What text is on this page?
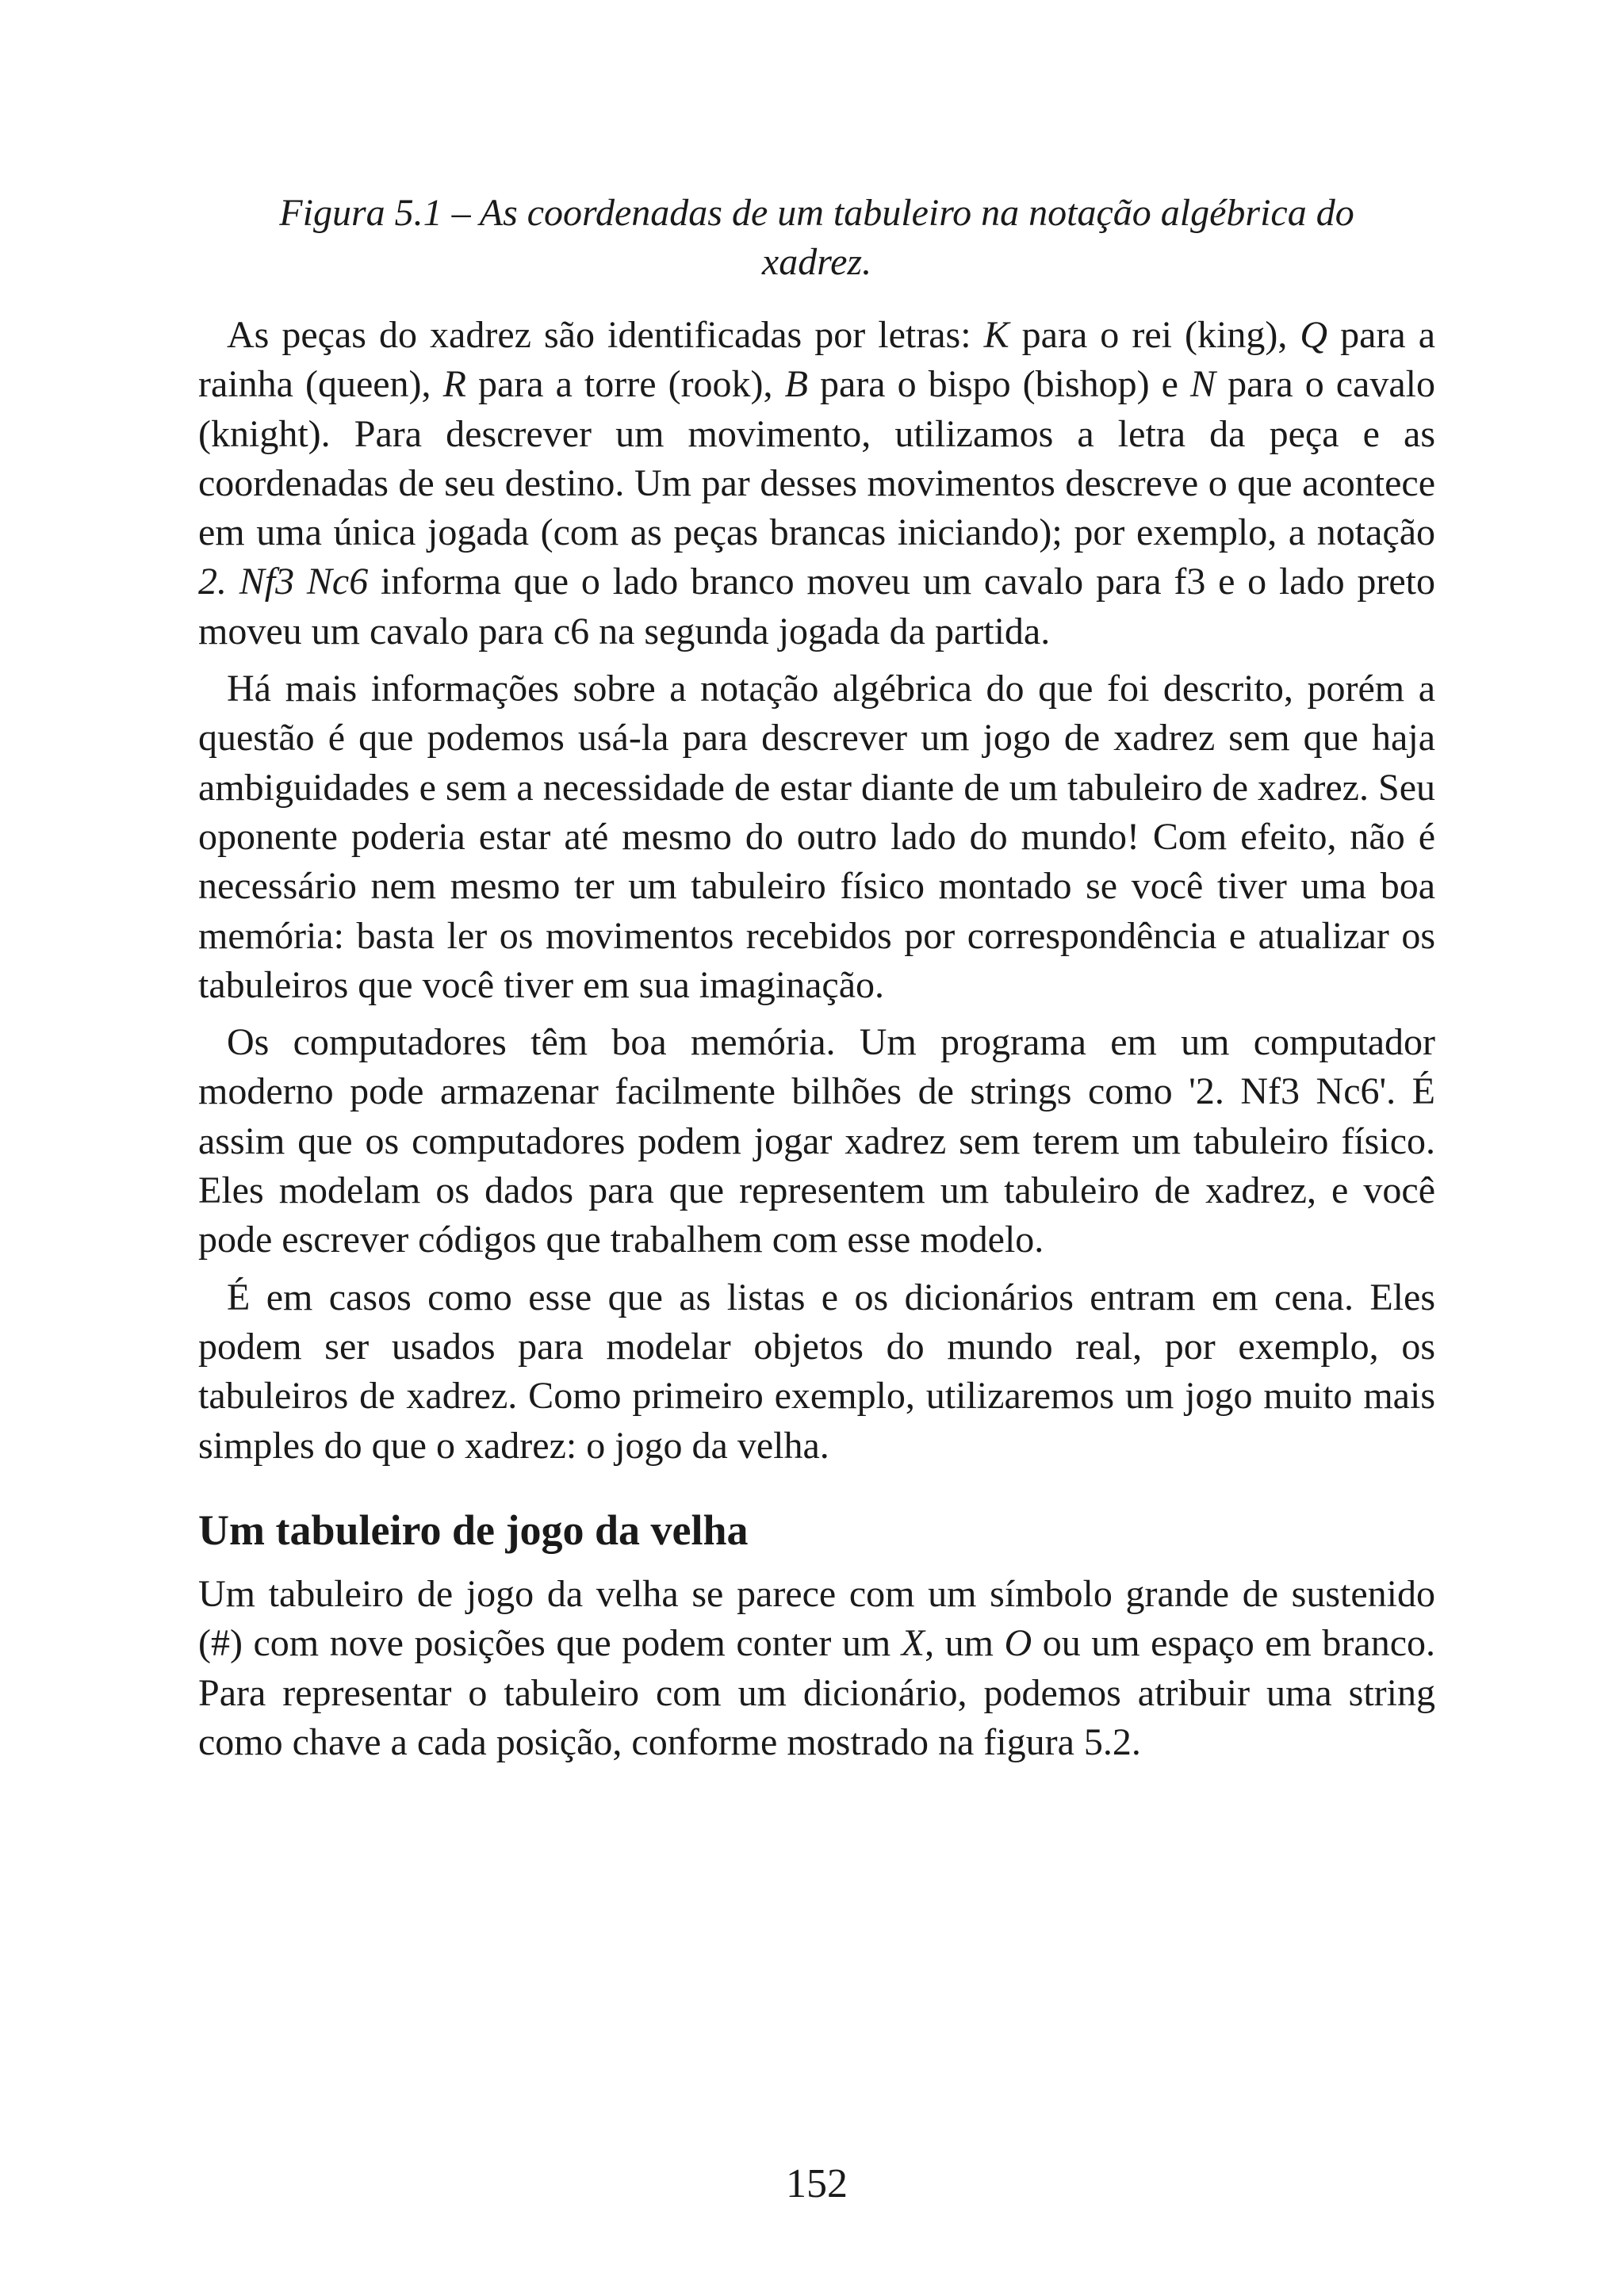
Figura 5.1 – As coordenadas de um tabuleiro na notação algébrica do
xadrez.

As peças do xadrez são identificadas por letras: K para o rei (king), Q para a rainha (queen), R para a torre (rook), B para o bispo (bishop) e N para o cavalo (knight). Para descrever um movimento, utilizamos a letra da peça e as coordenadas de seu destino. Um par desses movimentos descreve o que acontece em uma única jogada (com as peças brancas iniciando); por exemplo, a notação 2. Nf3 Nc6 informa que o lado branco moveu um cavalo para f3 e o lado preto moveu um cavalo para c6 na segunda jogada da partida.

Há mais informações sobre a notação algébrica do que foi descrito, porém a questão é que podemos usá-la para descrever um jogo de xadrez sem que haja ambiguidades e sem a necessidade de estar diante de um tabuleiro de xadrez. Seu oponente poderia estar até mesmo do outro lado do mundo! Com efeito, não é necessário nem mesmo ter um tabuleiro físico montado se você tiver uma boa memória: basta ler os movimentos recebidos por correspondência e atualizar os tabuleiros que você tiver em sua imaginação.

Os computadores têm boa memória. Um programa em um computador moderno pode armazenar facilmente bilhões de strings como '2. Nf3 Nc6'. É assim que os computadores podem jogar xadrez sem terem um tabuleiro físico. Eles modelam os dados para que representem um tabuleiro de xadrez, e você pode escrever códigos que trabalhem com esse modelo.

É em casos como esse que as listas e os dicionários entram em cena. Eles podem ser usados para modelar objetos do mundo real, por exemplo, os tabuleiros de xadrez. Como primeiro exemplo, utilizaremos um jogo muito mais simples do que o xadrez: o jogo da velha.

Um tabuleiro de jogo da velha

Um tabuleiro de jogo da velha se parece com um símbolo grande de sustenido (#) com nove posições que podem conter um X, um O ou um espaço em branco. Para representar o tabuleiro com um dicionário, podemos atribuir uma string como chave a cada posição, conforme mostrado na figura 5.2.

152
